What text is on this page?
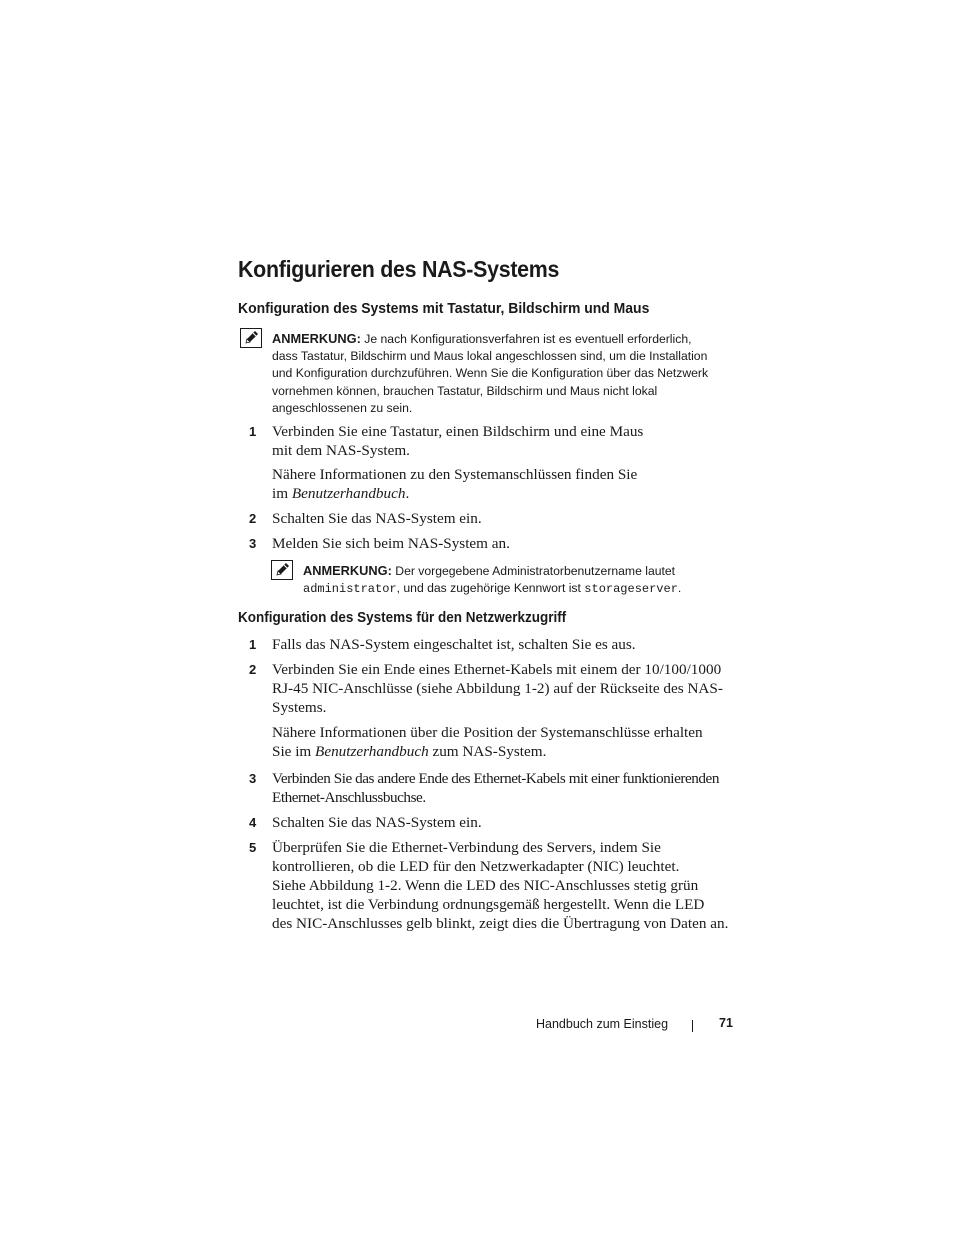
Konfigurieren des NAS-Systems
Konfiguration des Systems mit Tastatur, Bildschirm und Maus
ANMERKUNG: Je nach Konfigurationsverfahren ist es eventuell erforderlich,
dass Tastatur, Bildschirm und Maus lokal angeschlossen sind, um die Installation
und Konfiguration durchzuführen. Wenn Sie die Konfiguration über das Netzwerk
vornehmen können, brauchen Tastatur, Bildschirm und Maus nicht lokal
angeschlossenen zu sein.
1	Verbinden Sie eine Tastatur, einen Bildschirm und eine Maus
mit dem NAS-System.
Nähere Informationen zu den Systemanschlüssen finden Sie
im Benutzerhandbuch.
2	Schalten Sie das NAS-System ein.
3	Melden Sie sich beim NAS-System an.
ANMERKUNG: Der vorgegebene Administratorbenutzername lautet
administrator, und das zugehörige Kennwort ist storageserver.
Konfiguration des Systems für den Netzwerkzugriff
1	Falls das NAS-System eingeschaltet ist, schalten Sie es aus.
2	Verbinden Sie ein Ende eines Ethernet-Kabels mit einem der 10/100/1000
RJ-45 NIC-Anschlüsse (siehe Abbildung 1-2) auf der Rückseite des NAS-
Systems.
Nähere Informationen über die Position der Systemanschlüsse erhalten
Sie im Benutzerhandbuch zum NAS-System.
3	Verbinden Sie das andere Ende des Ethernet-Kabels mit einer funktionierenden
Ethernet-Anschlussbuchse.
4	Schalten Sie das NAS-System ein.
5	Überprüfen Sie die Ethernet-Verbindung des Servers, indem Sie
kontrollieren, ob die LED für den Netzwerkadapter (NIC) leuchtet.
Siehe Abbildung 1-2. Wenn die LED des NIC-Anschlusses stetig grün
leuchtet, ist die Verbindung ordnungsgemäß hergestellt. Wenn die LED
des NIC-Anschlusses gelb blinkt, zeigt dies die Übertragung von Daten an.
Handbuch zum Einstieg	71
